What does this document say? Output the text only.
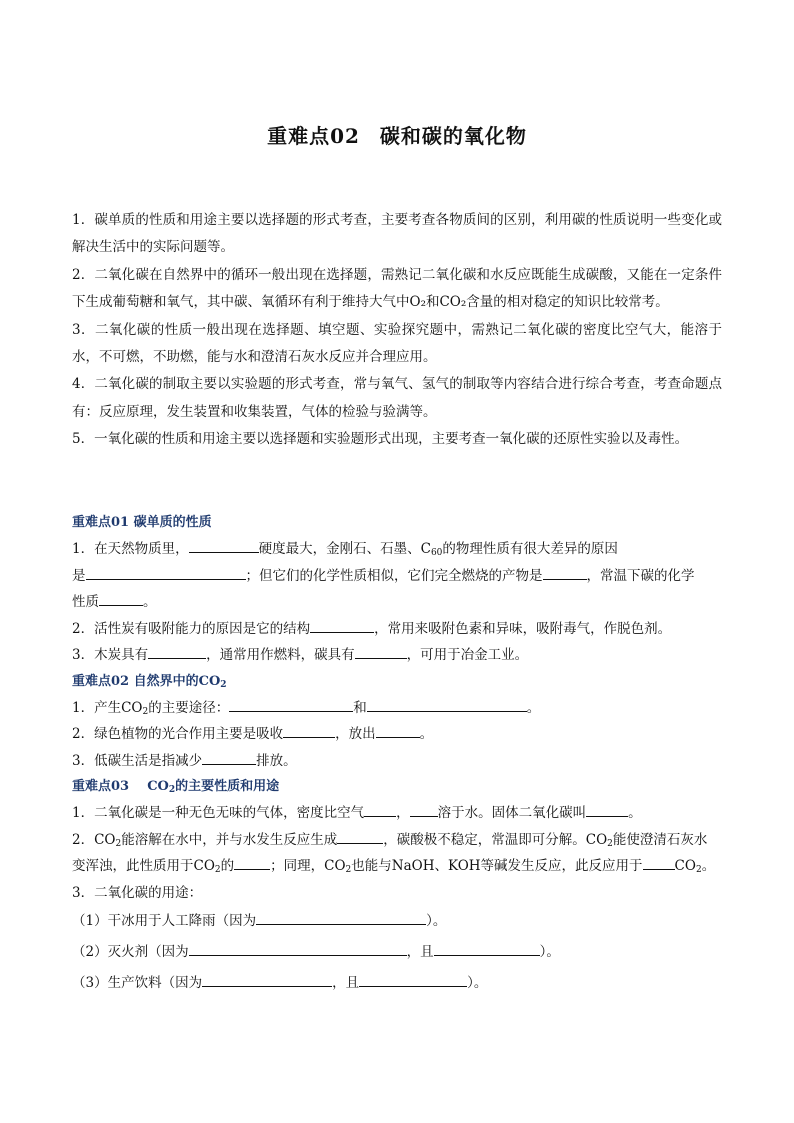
重难点02 碳和碳的氧化物

1．碳单质的性质和用途主要以选择题的形式考查，主要考查各物质间的区别，利用碳的性质说明一些变化或解决生活中的实际问题等。

2．二氧化碳在自然界中的循环一般出现在选择题，需熟记二氧化碳和水反应既能生成碳酸，又能在一定条件下生成葡萄糖和氧气，其中碳、氧循环有利于维持大气中O₂和CO₂含量的相对稳定的知识比较常考。

3．二氧化碳的性质一般出现在选择题、填空题、实验探究题中，需熟记二氧化碳的密度比空气大，能溶于水，不可燃，不助燃，能与水和澄清石灰水反应并合理应用。

4．二氧化碳的制取主要以实验题的形式考查，常与氧气、氢气的制取等内容结合进行综合考查，考查命题点有：反应原理，发生装置和收集装置，气体的检验与验满等。

5．一氧化碳的性质和用途主要以选择题和实验题形式出现，主要考查一氧化碳的还原性实验以及毒性。

重难点01 碳单质的性质
1．在天然物质里，	硬度最大，金刚石、石墨、$C_{60}$的物理性质有很大差异的原因
是	；但它们的化学性质相似，它们完全燃烧的产物是	，常温下碳的化学
性质	。
2．活性炭有吸附能力的原因是它的结构	，常用来吸附色素和异味，吸附毒气，作脱色剂。
3．木炭具有	，通常用作燃料，碳具有	，可用于冶金工业。
重难点02 自然界中的$CO_2$
1．产生$CO_2$的主要途径：	和	。
2．绿色植物的光合作用主要是吸收	，放出	。
3．低碳生活是指减少	排放。
重难点03    $CO_2$的主要性质和用途
1．二氧化碳是一种无色无味的气体，密度比空气 ， 溶于水。固体二氧化碳叫	。
2．$CO_2$能溶解在水中，并与水发生反应生成	，碳酸极不稳定，常温即可分解。$CO_2$能使澄清石灰水
变浑浊，此性质用于$CO_2$的	；同理，$CO_2$也能与NaOH、KOH等碱发生反应，此反应用于 $CO_2$。
3．二氧化碳的用途：
（1）干冰用于人工降雨（因为	）。
（2）灭火剂（因为	，且	）。
（3）生产饮料（因为	，且	）。
